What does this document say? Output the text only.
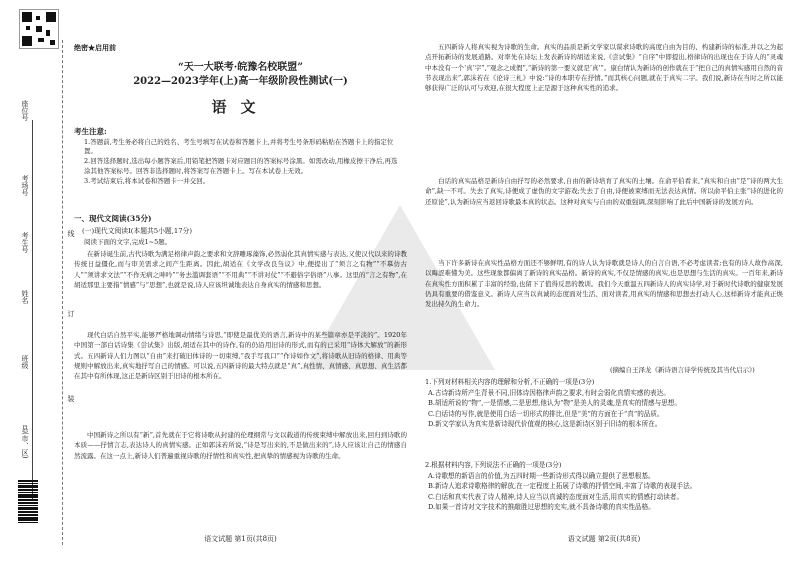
座位号
考场号
考生号
姓名
班级
县(市、区)
线
订
装
绝密★启用前
“天一大联考·皖豫名校联盟”
2022—2023学年(上)高一年级阶段性测试(一)
语文
考生注意:

1.答题前,考生务必将自己的姓名、考生号填写在试卷和答题卡上,并将考生号条形码粘贴在答题卡上的指定位置。

2.回答选择题时,选出每小题答案后,用铅笔把答题卡对应题目的答案标号涂黑。如需改动,用橡皮擦干净后,再选涂其他答案标号。回答非选择题时,将答案写在答题卡上。写在本试卷上无效。

3.考试结束后,将本试卷和答题卡一并交回。

一、现代文阅读(35分)
(一)现代文阅读Ⅰ(本题共5小题,17分)
阅读下面的文字,完成1~5题。

在新诗诞生前,古代诗歌为满足格律声韵之要求和文辞雕琢藻饰,必然弱化其真情实感与表达,又使汉代以来的诗教传统日益僵化,而与审美需求之间产生距离。因此,胡适在《文学改良刍议》中,便提出了“须言之有物”“不摹仿古人”“须讲求文法”“不作无病之呻吟”“务去滥调套语”“不用典”“不讲对仗”“不避俗字俗语”八事。这里的“言之有物”,在胡适那里主要指“情感”与“思想”,也就是说,诗人应该坦诚地表达自身真实的情感和思想。

现代白话自然平实,能够严格地调动情绪与诗思,“即使是最优美的语言,新诗中的某些篇章亦是平淡的”。1920年中国第一部白话诗集《尝试集》出版,胡适在其中的诗作,有的仍沿用旧诗的形式,而有的已采用“诗体大解放”的新形式。五四新诗人们力图以“自由”来打破旧体诗的一切束缚,“我手写我口”“作诗如作文”,将诗歌从旧诗的格律、用典等规则中解放出来,真实地抒写自己的情感。可以说,五四新诗的最大特点就是“真”,真性情、真情感、真思想、真生活都在其中有所体现,这正是新诗区别于旧诗的根本所在。

中国新诗之所以有“新”,首先就在于它将诗歌从封建的伦理纲常与文以载道的传统束缚中解放出来,回归到诗歌的本质——抒情言志,表达诗人的真情实感。正如郭沫若所说,“诗是写出来的,不是做出来的”,诗人应该让自己的情感自然流露。在这一点上,新诗人们普遍重视诗歌的抒情性和真实性,把真挚的情感视为诗歌的生命。

语文试题 第1页(共8页)

五四新诗人将真实视为诗歌的生命。真实的品质是新文学家以谋求诗歌的高度自由为目的、构建新诗的标准,并以之为起点开拓新诗的发展道路。对率先在诗坛上发表新诗的胡适来说,《尝试集》“自序”中即提出,格律诗的出现也在于诗人的“灵魂中本没有一个‘真’字”,“观念之成假”,“新诗的第一要义就是‘真’”。康白情认为新诗的创作就在于“把自己的真情实感用自然的音节表现出来”,郭沫若在《论诗三札》中说:“诗的本职专在抒情。”而其核心问题,就在于真实二字。我们说,新诗在当时之所以能够获得广泛的认可与欢迎,在很大程度上正是源于这种真实性的追求。

白话的真实品格是新诗自由抒写的必然要求,自由的新诗培育了真实的土壤。在俞平伯看来,“真实和自由”是“诗的两大生命”,缺一不可。失去了真实,诗便成了虚伪的文字游戏;失去了自由,诗便被束缚而无法表达真情。所以俞平伯主张“诗的进化的还原论”,认为新诗应当返回诗歌最本真的状态。这种对真实与自由的双重强调,深刻影响了此后中国新诗的发展方向。

当下许多新诗在真实性品格方面还不够鲜明,有的诗人认为诗歌就是诗人的自言自语,不必考虑读者;也有的诗人故作高深,以晦涩难懂为美。这些现象都偏离了新诗的真实品格。新诗的真实,不仅是情感的真实,也是思想与生活的真实。一百年来,新诗在真实性方面积累了丰富的经验,也留下了值得反思的教训。我们今天重温五四新诗人的真实诗学,对于新时代诗歌的健康发展仍具有重要的借鉴意义。新诗人应当以真诚的态度面对生活、面对读者,用真实的情感和思想去打动人心,这样新诗才能真正焕发出持久的生命力。

(摘编自王泽龙《新诗语言诗学传统及其当代启示》)

1.下列对材料相关内容的理解和分析,不正确的一项是(3分)

A.古诗新诗所产生背景不同,旧体诗因格律声韵之要求,有时会弱化真情实感的表达。

B.胡适所说的“物”,一是情感,二是思想,他认为“物”是美人的灵魂,是真实的情感与思想。

C.白话诗的写作,就是使用白话一切形式的排比,但是“美”的方面在于“真”的品质。

D.新文学家认为真实是新诗现代价值观的核心,这是新诗区别于旧诗的根本所在。

2.根据材料内容,下列说法不正确的一项是(3分)

A.诗歌想的新语言的价值,为五四时期一些新诗形式得以确立提供了思想根基。

B.新诗人追求诗歌格律的解放,在一定程度上拓展了诗歌的抒情空间,丰富了诗歌的表现手法。

C.白话和真实代表了诗人精神,诗人应当以真诚的态度面对生活,用真实的情感打动读者。

D.如果一首诗对文字技术的推敲胜过思想的充实,就不具备诗歌的真实性品格。

语文试题 第2页(共8页)
